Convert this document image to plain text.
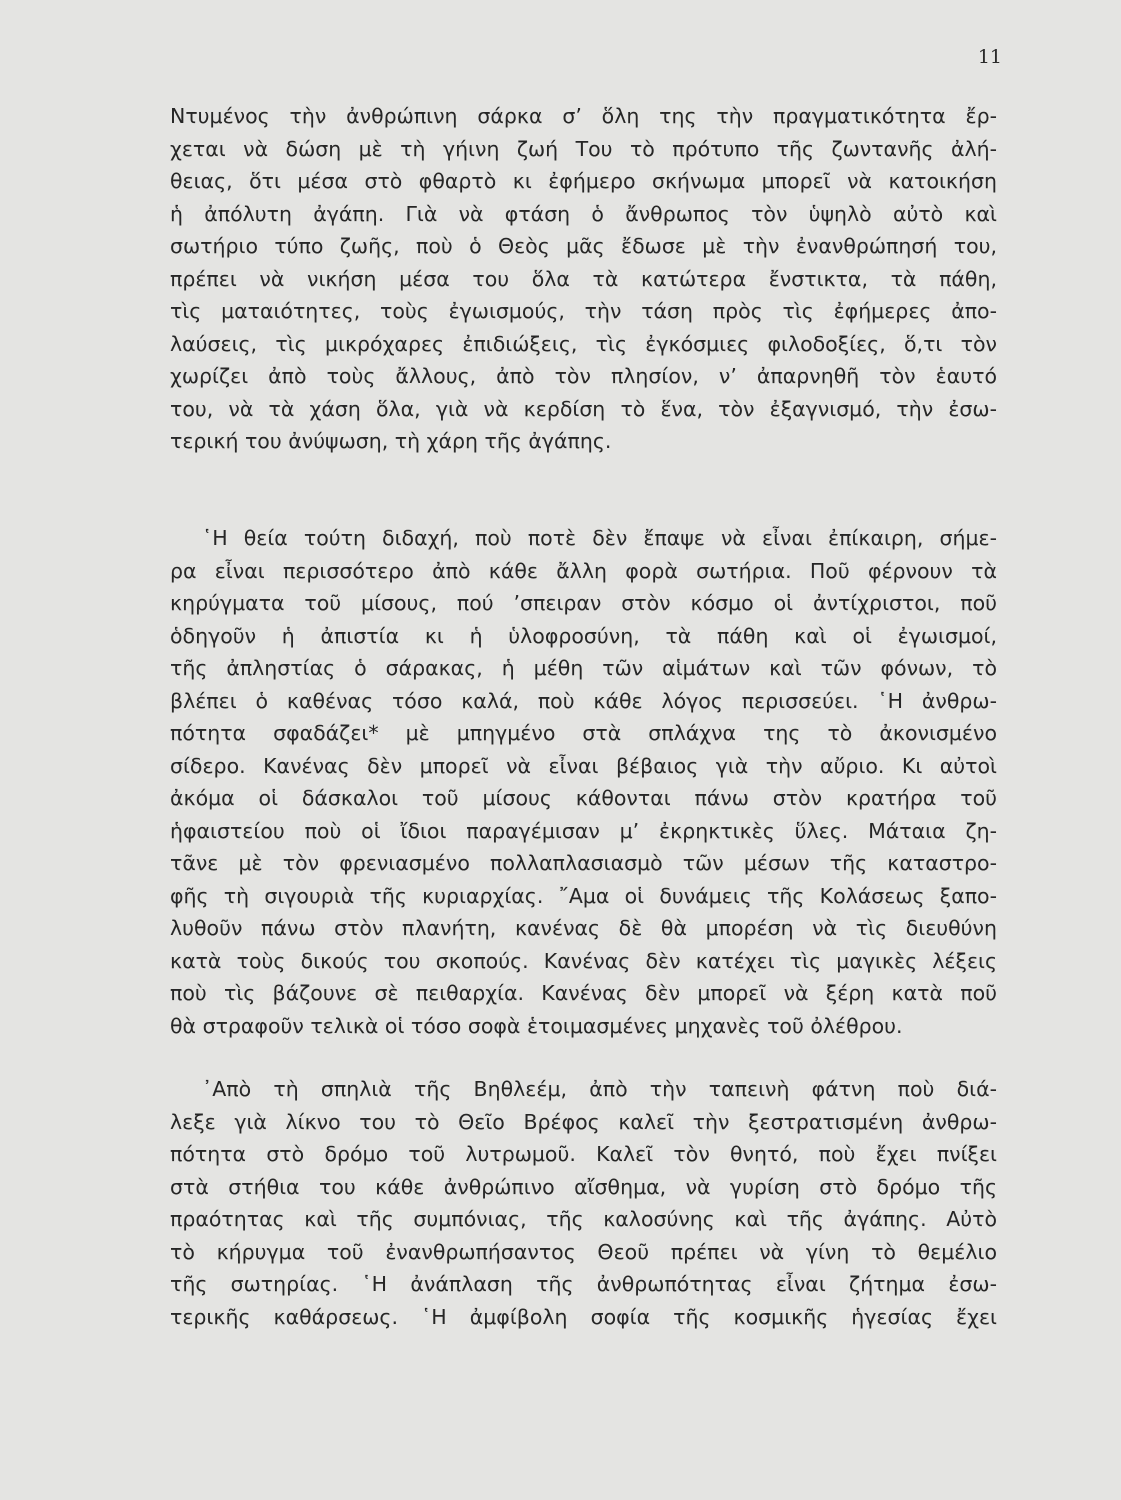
11
Ντυμένος τὴν ἀνθρώπινη σάρκα σ’ ὅλη της τὴν πραγματικότητα ἔρ-
χεται νὰ δώση μὲ τὴ γήινη ζωή Του τὸ πρότυπο τῆς ζωντανῆς ἀλή-
θειας, ὅτι μέσα στὸ φθαρτὸ κι ἐφήμερο σκήνωμα μπορεῖ νὰ κατοικήση
ἡ ἀπόλυτη ἀγάπη. Γιὰ νὰ φτάση ὁ ἄνθρωπος τὸν ὑψηλὸ αὐτὸ καὶ
σωτήριο τύπο ζωῆς, ποὺ ὁ Θεὸς μᾶς ἔδωσε μὲ τὴν ἐνανθρώπησή του,
πρέπει νὰ νικήση μέσα του ὅλα τὰ κατώτερα ἔνστικτα, τὰ πάθη,
τὶς ματαιότητες, τοὺς ἐγωισμούς, τὴν τάση πρὸς τὶς ἐφήμερες ἀπο-
λαύσεις, τὶς μικρόχαρες ἐπιδιώξεις, τὶς ἐγκόσμιες φιλοδοξίες, ὅ,τι τὸν
χωρίζει ἀπὸ τοὺς ἄλλους, ἀπὸ τὸν πλησίον, ν’ ἀπαρνηθῆ τὸν ἑαυτό
του, νὰ τὰ χάση ὅλα, γιὰ νὰ κερδίση τὸ ἕνα, τὸν ἐξαγνισμό, τὴν ἐσω-
τερική του ἀνύψωση, τὴ χάρη τῆς ἀγάπης.
῾Η θεία τούτη διδαχή, ποὺ ποτὲ δὲν ἔπαψε νὰ εἶναι ἐπίκαιρη, σήμε-
ρα εἶναι περισσότερο ἀπὸ κάθε ἄλλη φορὰ σωτήρια. Ποῦ φέρνουν τὰ
κηρύγματα τοῦ μίσους, πού ’σπειραν στὸν κόσμο οἱ ἀντίχριστοι, ποῦ
ὁδηγοῦν ἡ ἀπιστία κι ἡ ὑλοφροσύνη, τὰ πάθη καὶ οἱ ἐγωισμοί,
τῆς ἀπληστίας ὁ σάρακας, ἡ μέθη τῶν αἱμάτων καὶ τῶν φόνων, τὸ
βλέπει ὁ καθένας τόσο καλά, ποὺ κάθε λόγος περισσεύει. ῾Η ἀνθρω-
πότητα σφαδάζει* μὲ μπηγμένο στὰ σπλάχνα της τὸ ἀκονισμένο
σίδερο. Κανένας δὲν μπορεῖ νὰ εἶναι βέβαιος γιὰ τὴν αὔριο. Κι αὐτοὶ
ἀκόμα οἱ δάσκαλοι τοῦ μίσους κάθονται πάνω στὸν κρατήρα τοῦ
ἡφαιστείου ποὺ οἱ ἴδιοι παραγέμισαν μ’ ἐκρηκτικὲς ὕλες. Μάταια ζη-
τᾶνε μὲ τὸν φρενιασμένο πολλαπλασιασμὸ τῶν μέσων τῆς καταστρο-
φῆς τὴ σιγουριὰ τῆς κυριαρχίας. ῎Αμα οἱ δυνάμεις τῆς Κολάσεως ξαπο-
λυθοῦν πάνω στὸν πλανήτη, κανένας δὲ θὰ μπορέση νὰ τὶς διευθύνη
κατὰ τοὺς δικούς του σκοπούς. Κανένας δὲν κατέχει τὶς μαγικὲς λέξεις
ποὺ τὶς βάζουνε σὲ πειθαρχία. Κανένας δὲν μπορεῖ νὰ ξέρη κατὰ ποῦ
θὰ στραφοῦν τελικὰ οἱ τόσο σοφὰ ἑτοιμασμένες μηχανὲς τοῦ ὀλέθρου.
᾽Απὸ τὴ σπηλιὰ τῆς Βηθλεέμ, ἀπὸ τὴν ταπεινὴ φάτνη ποὺ διά-
λεξε γιὰ λίκνο του τὸ Θεῖο Βρέφος καλεῖ τὴν ξεστρατισμένη ἀνθρω-
πότητα στὸ δρόμο τοῦ λυτρωμοῦ. Καλεῖ τὸν θνητό, ποὺ ἔχει πνίξει
στὰ στήθια του κάθε ἀνθρώπινο αἴσθημα, νὰ γυρίση στὸ δρόμο τῆς
πραότητας καὶ τῆς συμπόνιας, τῆς καλοσύνης καὶ τῆς ἀγάπης. Αὐτὸ
τὸ κήρυγμα τοῦ ἐνανθρωπήσαντος Θεοῦ πρέπει νὰ γίνη τὸ θεμέλιο
τῆς σωτηρίας. ῾Η ἀνάπλαση τῆς ἀνθρωπότητας εἶναι ζήτημα ἐσω-
τερικῆς καθάρσεως. ῾Η ἀμφίβολη σοφία τῆς κοσμικῆς ἡγεσίας ἔχει
